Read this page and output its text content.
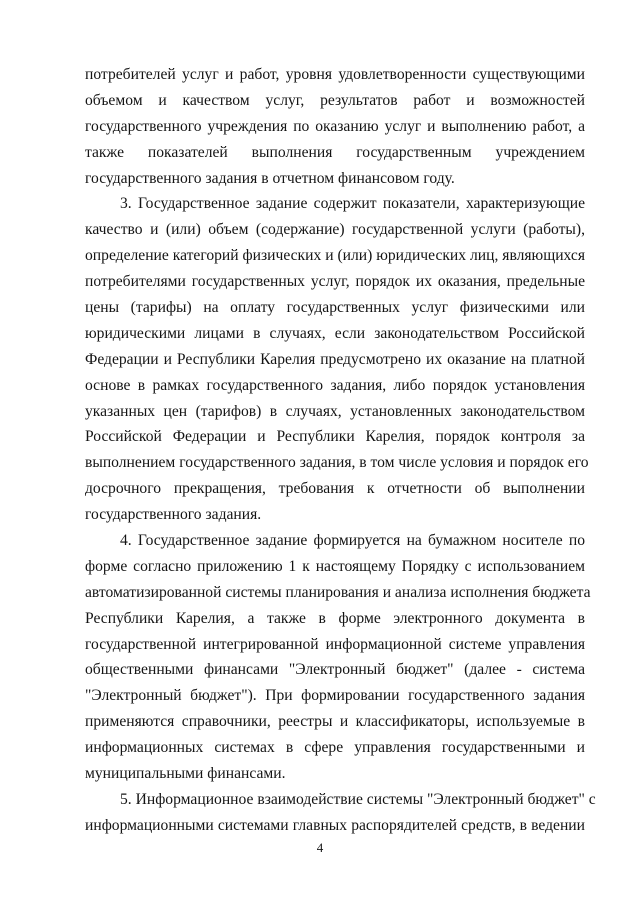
потребителей услуг и работ, уровня удовлетворенности существующими
объемом и качеством услуг, результатов работ и возможностей
государственного учреждения по оказанию услуг и выполнению работ, а
также показателей выполнения государственным учреждением
государственного задания в отчетном финансовом году.
3. Государственное задание содержит показатели, характеризующие
качество и (или) объем (содержание) государственной услуги (работы),
определение категорий физических и (или) юридических лиц, являющихся
потребителями государственных услуг, порядок их оказания, предельные
цены (тарифы) на оплату государственных услуг физическими или
юридическими лицами в случаях, если законодательством Российской
Федерации и Республики Карелия предусмотрено их оказание на платной
основе в рамках государственного задания, либо порядок установления
указанных цен (тарифов) в случаях, установленных законодательством
Российской Федерации и Республики Карелия, порядок контроля за
выполнением государственного задания, в том числе условия и порядок его
досрочного прекращения, требования к отчетности об выполнении
государственного задания.
4. Государственное задание формируется на бумажном носителе по
форме согласно приложению 1 к настоящему Порядку с использованием
автоматизированной системы планирования и анализа исполнения бюджета
Республики Карелия, а также в форме электронного документа в
государственной интегрированной информационной системе управления
общественными финансами "Электронный бюджет" (далее - система
"Электронный бюджет"). При формировании государственного задания
применяются справочники, реестры и классификаторы, используемые в
информационных системах в сфере управления государственными и
муниципальными финансами.
5. Информационное взаимодействие системы "Электронный бюджет" с
информационными системами главных распорядителей средств, в ведении
4
